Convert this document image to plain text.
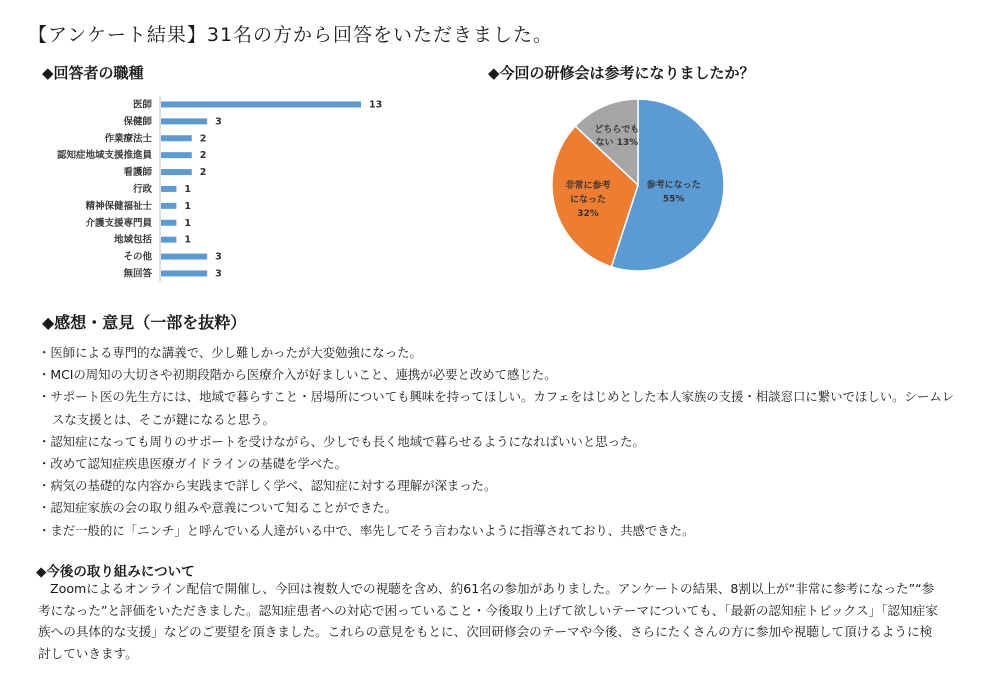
【アンケート結果】31名の方から回答をいただきました。
◆回答者の職種	◆今回の研修会は参考になりましたか？
医師	13
保健師	3
作業療法士	2
認知症地域支援推進員	2
看護師	2
行政	1
精神保健福祉士	1
介護支援専門員	1
地域包括	1
その他	3
無回答	3
参考になった
55%
非常に参考
になった
32%
どちらでも
ない 13%
◆感想・意見（一部を抜粋）
・医師による専門的な講義で、少し難しかったが大変勉強になった。
・MCIの周知の大切さや初期段階から医療介入が好ましいこと、連携が必要と改めて感じた。
・サポート医の先生方には、地域で暮らすこと・居場所についても興味を持ってほしい。カフェをはじめとした本人家族の支援・相談窓口に繋いでほしい。シームレスな支援とは、そこが鍵になると思う。
・認知症になっても周りのサポートを受けながら、少しでも長く地域で暮らせるようになればいいと思った。
・改めて認知症疾患医療ガイドラインの基礎を学べた。
・病気の基礎的な内容から実践まで詳しく学べ、認知症に対する理解が深まった。
・認知症家族の会の取り組みや意義について知ることができた。
・まだ一般的に「ニンチ」と呼んでいる人達がいる中で、率先してそう言わないように指導されており、共感できた。
◆今後の取り組みについて

Zoomによるオンライン配信で開催し、今回は複数人での視聴を含め、約61名の参加がありました。アンケートの結果、8割以上が“非常に参考になった”“参考になった”と評価をいただきました。認知症患者への対応で困っていること・今後取り上げて欲しいテーマについても、「最新の認知症トピックス」「認知症家族への具体的な支援」などのご要望を頂きました。これらの意見をもとに、次回研修会のテーマや今後、さらにたくさんの方に参加や視聴して頂けるように検討していきます。
